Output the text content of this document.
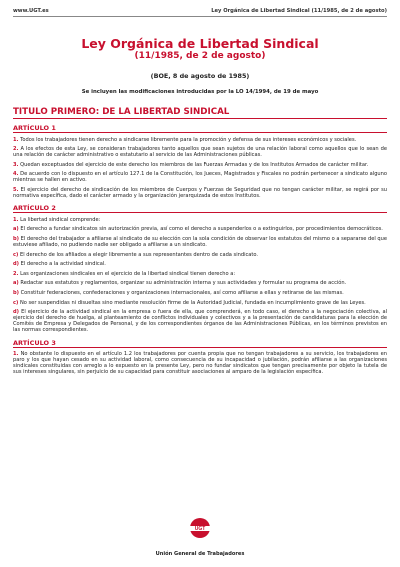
www.UGT.es	Ley Orgánica de Libertad Sindical (11/1985, de 2 de agosto)
Ley Orgánica de Libertad Sindical
(11/1985, de 2 de agosto)
(BOE, 8 de agosto de 1985)
Se incluyen las modificaciones introducidas por la LO 14/1994, de 19 de mayo
TITULO PRIMERO: DE LA LIBERTAD SINDICAL
ARTÍCULO 1

1. Todos los trabajadores tienen derecho a sindicarse libremente para la promoción y defensa de sus intereses económicos y sociales.

2. A los efectos de esta Ley, se consideran trabajadores tanto aquellos que sean sujetos de una relación laboral como aquellos que lo sean de una relación de carácter administrativo o estatutario al servicio de las Administraciones públicas.

3. Quedan exceptuados del ejercicio de este derecho los miembros de las Fuerzas Armadas y de los Institutos Armados de carácter militar.

4. De acuerdo con lo dispuesto en el artículo 127.1 de la Constitución, los Jueces, Magistrados y Fiscales no podrán pertenecer a sindicato alguno mientras se hallen en activo.

5. El ejercicio del derecho de sindicación de los miembros de Cuerpos y Fuerzas de Seguridad que no tengan carácter militar, se regirá por su normativa específica, dado el carácter armado y la organización jerarquizada de estos Institutos.

ARTÍCULO 2

1. La libertad sindical comprende:

a) El derecho a fundar sindicatos sin autorización previa, así como el derecho a suspenderlos o a extinguirlos, por procedimientos democráticos.

b) El derecho del trabajador a afiliarse al sindicato de su elección con la sola condición de observar los estatutos del mismo o a separarse del que estuviese afiliado, no pudiendo nadie ser obligado a afiliarse a un sindicato.

c) El derecho de los afiliados a elegir libremente a sus representantes dentro de cada sindicato.

d) El derecho a la actividad sindical.

2. Las organizaciones sindicales en el ejercicio de la libertad sindical tienen derecho a:

a) Redactar sus estatutos y reglamentos, organizar su administración interna y sus actividades y formular su programa de acción.

b) Constituir federaciones, confederaciones y organizaciones internacionales, así como afiliarse a ellas y retirarse de las mismas.

c) No ser suspendidas ni disueltas sino mediante resolución firme de la Autoridad Judicial, fundada en incumplimiento grave de las Leyes.

d) El ejercicio de la actividad sindical en la empresa o fuera de ella, que comprenderá, en todo caso, el derecho a la negociación colectiva, al ejercicio del derecho de huelga, al planteamiento de conflictos individuales y colectivos y a la presentación de candidaturas para la elección de Comités de Empresa y Delegados de Personal, y de los correspondientes órganos de las Administraciones Públicas, en los términos previstos en las normas correspondientes.

ARTÍCULO 3

1. No obstante lo dispuesto en el artículo 1.2 los trabajadores por cuenta propia que no tengan trabajadores a su servicio, los trabajadores en paro y los que hayan cesado en su actividad laboral, como consecuencia de su incapacidad o jubilación, podrán afiliarse a las organizaciones sindicales constituidas con arreglo a lo expuesto en la presente Ley, pero no fundar sindicatos que tengan precisamente por objeto la tutela de sus intereses singulares, sin perjuicio de su capacidad para constituir asociaciones al amparo de la legislación específica.

UGT
Unión General de Trabajadores
